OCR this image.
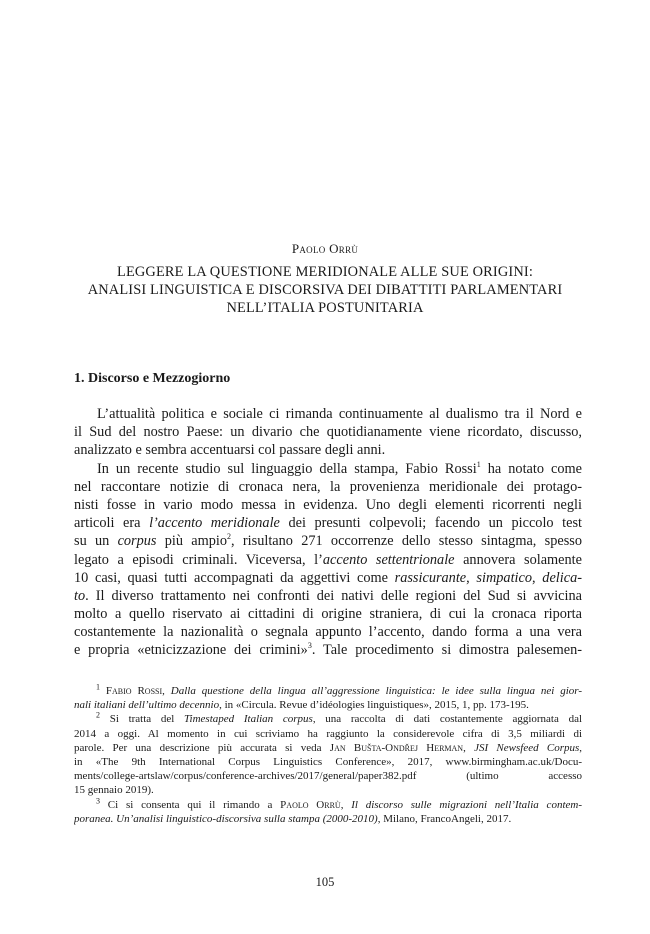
Paolo Orrù
LEGGERE LA QUESTIONE MERIDIONALE ALLE SUE ORIGINI:
ANALISI LINGUISTICA E DISCORSIVA DEI DIBATTITI PARLAMENTARI
NELL’ITALIA POSTUNITARIA
1. Discorso e Mezzogiorno
L’attualità politica e sociale ci rimanda continuamente al dualismo tra il Nord e
il Sud del nostro Paese: un divario che quotidianamente viene ricordato, discusso,
analizzato e sembra accentuarsi col passare degli anni.
In un recente studio sul linguaggio della stampa, Fabio Rossi$^1$ ha notato come
nel raccontare notizie di cronaca nera, la provenienza meridionale dei protago-
nisti fosse in vario modo messa in evidenza. Uno degli elementi ricorrenti negli
articoli era l’accento meridionale dei presunti colpevoli; facendo un piccolo test
su un corpus più ampio$^2$, risultano 271 occorrenze dello stesso sintagma, spesso
legato a episodi criminali. Viceversa, l’accento settentrionale annovera solamente
10 casi, quasi tutti accompagnati da aggettivi come rassicurante, simpatico, delica-
to. Il diverso trattamento nei confronti dei nativi delle regioni del Sud si avvicina
molto a quello riservato ai cittadini di origine straniera, di cui la cronaca riporta
costantemente la nazionalità o segnala appunto l’accento, dando forma a una vera
e propria «etnicizzazione dei crimini»$^3$. Tale procedimento si dimostra palesemen-
$^1$ Fabio Rossi, Dalla questione della lingua all’aggressione linguistica: le idee sulla lingua nei gior-
nali italiani dell’ultimo decennio, in «Circula. Revue d’idéologies linguistiques», 2015, 1, pp. 173-195.
$^2$ Si tratta del Timestaped Italian corpus, una raccolta di dati costantemente aggiornata dal
2014 a oggi. Al momento in cui scriviamo ha raggiunto la considerevole cifra di 3,5 miliardi di
parole. Per una descrizione più accurata si veda Jan Bušta-Ondřej Herman, JSI Newsfeed Corpus,
in «The 9th International Corpus Linguistics Conference», 2017, www.birmingham.ac.uk/Docu-
ments/college-artslaw/corpus/conference-archives/2017/general/paper382.pdf (ultimo accesso
15 gennaio 2019).
$^3$ Ci si consenta qui il rimando a Paolo Orrù, Il discorso sulle migrazioni nell’Italia contem-
poranea. Un’analisi linguistico-discorsiva sulla stampa (2000-2010), Milano, FrancoAngeli, 2017.
105
